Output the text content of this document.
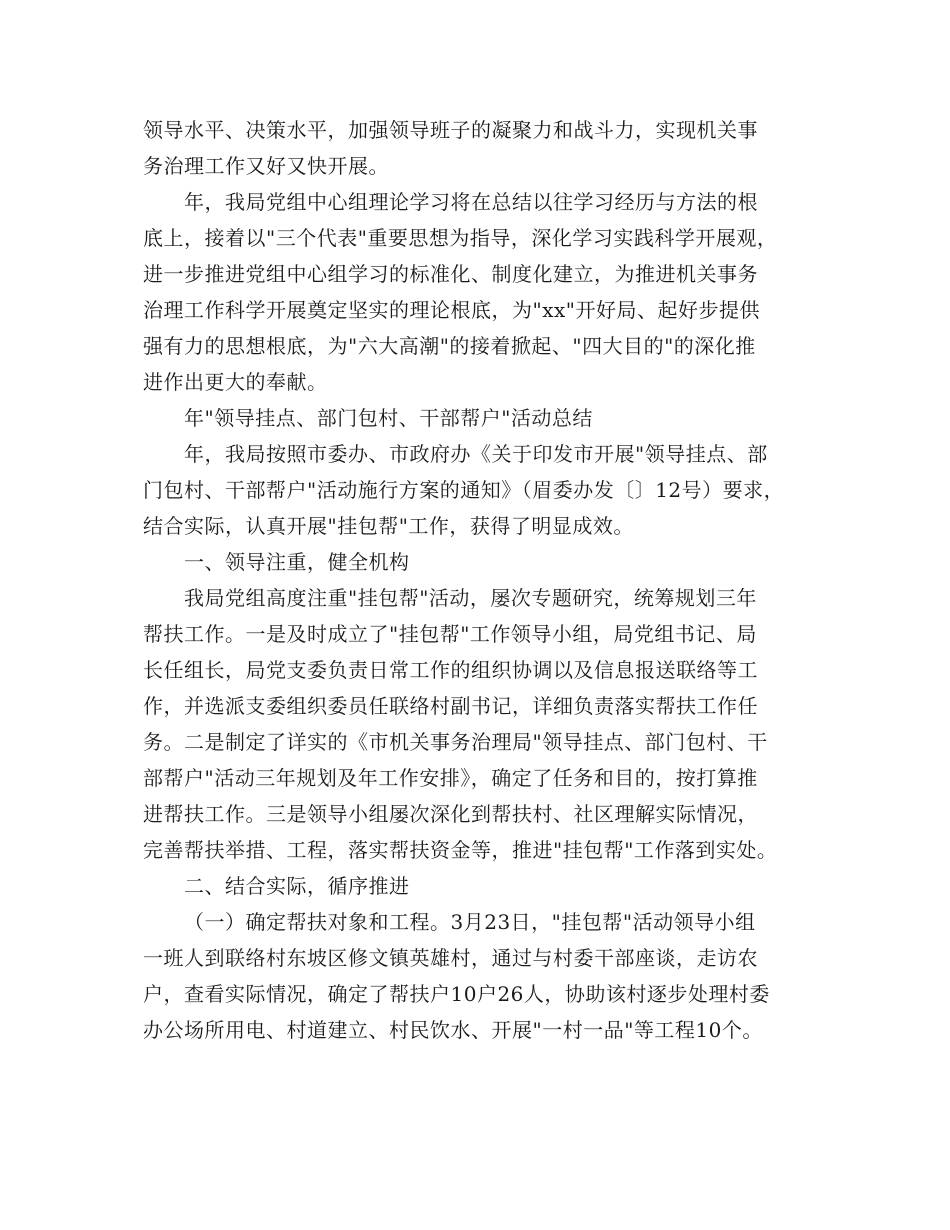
领导水平、决策水平，加强领导班子的凝聚力和战斗力，实现机关事
务治理工作又好又快开展。
年，我局党组中心组理论学习将在总结以往学习经历与方法的根
底上，接着以"三个代表"重要思想为指导，深化学习实践科学开展观，
进一步推进党组中心组学习的标准化、制度化建立，为推进机关事务
治理工作科学开展奠定坚实的理论根底，为"xx"开好局、起好步提供
强有力的思想根底，为"六大高潮"的接着掀起、"四大目的"的深化推
进作出更大的奉献。
年"领导挂点、部门包村、干部帮户"活动总结
年，我局按照市委办、市政府办《关于印发市开展"领导挂点、部
门包村、干部帮户"活动施行方案的通知》（眉委办发〔〕12号）要求，
结合实际，认真开展"挂包帮"工作，获得了明显成效。
一、领导注重，健全机构
我局党组高度注重"挂包帮"活动，屡次专题研究，统筹规划三年
帮扶工作。一是及时成立了"挂包帮"工作领导小组，局党组书记、局
长任组长，局党支委负责日常工作的组织协调以及信息报送联络等工
作，并选派支委组织委员任联络村副书记，详细负责落实帮扶工作任
务。二是制定了详实的《市机关事务治理局"领导挂点、部门包村、干
部帮户"活动三年规划及年工作安排》，确定了任务和目的，按打算推
进帮扶工作。三是领导小组屡次深化到帮扶村、社区理解实际情况，
完善帮扶举措、工程，落实帮扶资金等，推进"挂包帮"工作落到实处。
二、结合实际，循序推进
（一）确定帮扶对象和工程。3月23日，"挂包帮"活动领导小组
一班人到联络村东坡区修文镇英雄村，通过与村委干部座谈，走访农
户，查看实际情况，确定了帮扶户10户26人，协助该村逐步处理村委
办公场所用电、村道建立、村民饮水、开展"一村一品"等工程10个。
